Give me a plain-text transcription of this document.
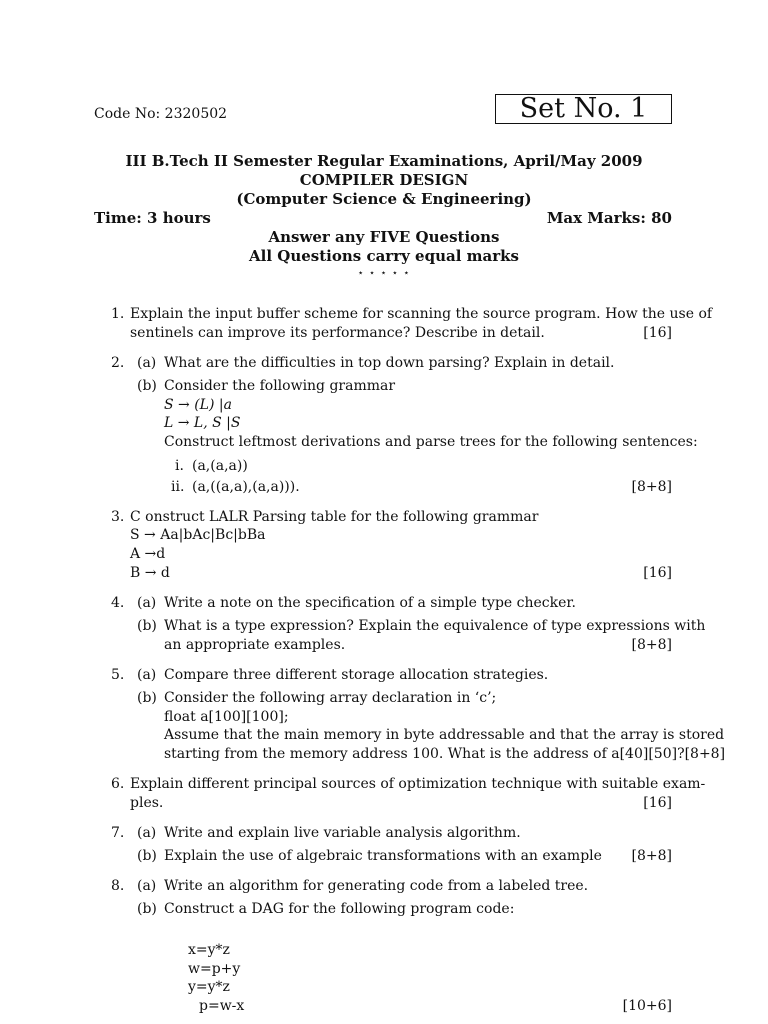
Code No: 2320502	Set No. 1
III B.Tech II Semester Regular Examinations, April/May 2009
COMPILER DESIGN
(Computer Science & Engineering)
Time: 3 hours	Max Marks: 80
Answer any FIVE Questions
All Questions carry equal marks
⋆ ⋆ ⋆ ⋆ ⋆
1. Explain the input buffer scheme for scanning the source program. How the use of
sentinels can improve its performance? Describe in detail.	[16]
2. (a) What are the difficulties in top down parsing? Explain in detail.
(b) Consider the following grammar
S → (L) |a
L → L, S |S
Construct leftmost derivations and parse trees for the following sentences:
i. (a,(a,a))
ii. (a,((a,a),(a,a))).	[8+8]
3. C onstruct LALR Parsing table for the following grammar
S → Aa|bAc|Bc|bBa
A →d
B → d	[16]
4. (a) Write a note on the specification of a simple type checker.
(b) What is a type expression? Explain the equivalence of type expressions with
an appropriate examples.	[8+8]
5. (a) Compare three different storage allocation strategies.
(b) Consider the following array declaration in ‘c’;
float a[100][100];
Assume that the main memory in byte addressable and that the array is stored
starting from the memory address 100. What is the address of a[40][50]?[8+8]
6. Explain different principal sources of optimization technique with suitable exam-
ples.	[16]
7. (a) Write and explain live variable analysis algorithm.
(b) Explain the use of algebraic transformations with an example [8+8]
8. (a) Write an algorithm for generating code from a labeled tree.
(b) Construct a DAG for the following program code:
x=y*z
w=p+y
y=y*z
p=w-x	[10+6]
